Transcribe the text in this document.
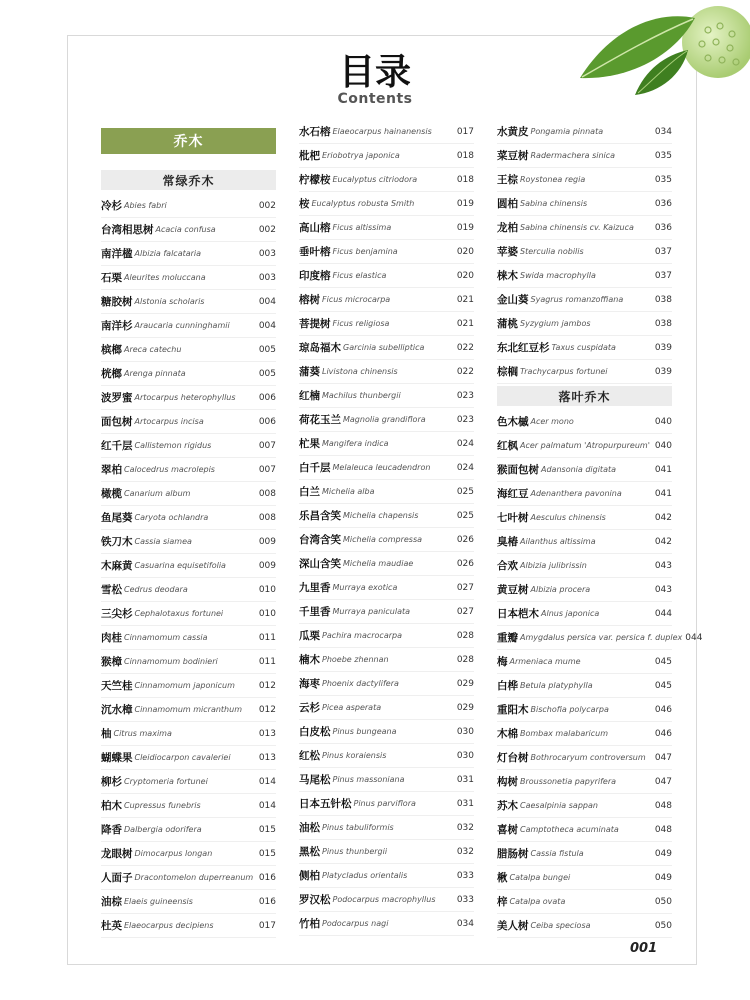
目录
Contents
乔木
常绿乔木
冷杉 Abies fabri	002
台湾相思树 Acacia confusa	002
南洋楹 Albizia falcataria	003
石栗 Aleurites moluccana	003
糖胶树 Alstonia scholaris	004
南洋杉 Araucaria cunninghamii	004
槟榔 Areca catechu	005
桄榔 Arenga pinnata	005
波罗蜜 Artocarpus heterophyllus	006
面包树 Artocarpus incisa	006
红千层 Callistemon rigidus	007
翠柏 Calocedrus macrolepis	007
橄榄 Canarium album	008
鱼尾葵 Caryota ochlandra	008
铁刀木 Cassia siamea	009
木麻黄 Casuarina equisetifolia	009
雪松 Cedrus deodara	010
三尖杉 Cephalotaxus fortunei	010
肉桂 Cinnamomum cassia	011
猴樟 Cinnamomum bodinieri	011
天竺桂 Cinnamomum japonicum	012
沉水樟 Cinnamomum micranthum	012
柚 Citrus maxima	013
蝴蝶果 Cleidiocarpon cavaleriei	013
柳杉 Cryptomeria fortunei	014
柏木 Cupressus funebris	014
降香 Dalbergia odorifera	015
龙眼树 Dimocarpus longan	015
人面子 Dracontomelon duperreanum 016
油棕 Elaeis guineensis	016
杜英 Elaeocarpus decipiens	017
水石榕 Elaeocarpus hainanensis	017
枇杷 Eriobotrya japonica	018
柠檬桉 Eucalyptus citriodora	018
桉 Eucalyptus robusta Smith	019
高山榕 Ficus altissima	019
垂叶榕 Ficus benjamina	020
印度榕 Ficus elastica	020
榕树 Ficus microcarpa	021
菩提树 Ficus religiosa	021
琼岛福木 Garcinia subelliptica	022
蒲葵 Livistona chinensis	022
红楠 Machilus thunbergii	023
荷花玉兰 Magnolia grandiflora	023
杧果 Mangifera indica	024
白千层 Melaleuca leucadendron	024
白兰 Michelia alba	025
乐昌含笑 Michelia chapensis	025
台湾含笑 Michelia compressa	026
深山含笑 Michelia maudiae	026
九里香 Murraya exotica	027
千里香 Murraya paniculata	027
瓜栗 Pachira macrocarpa	028
楠木 Phoebe zhennan	028
海枣 Phoenix dactylifera	029
云杉 Picea asperata	029
白皮松 Pinus bungeana	030
红松 Pinus koraiensis	030
马尾松 Pinus massoniana	031
日本五针松 Pinus parviflora	031
油松 Pinus tabuliformis	032
黑松 Pinus thunbergii	032
侧柏 Platycladus orientalis	033
罗汉松 Podocarpus macrophyllus	033
竹柏 Podocarpus nagi	034
水黄皮 Pongamia pinnata	034
菜豆树 Radermachera sinica	035
王棕 Roystonea regia	035
圆柏 Sabina chinensis	036
龙柏 Sabina chinensis cv. Kaizuca	036
苹婆 Sterculia nobilis	037
梾木 Swida macrophylla	037
金山葵 Syagrus romanzoffiana	038
蒲桃 Syzygium jambos	038
东北红豆杉 Taxus cuspidata	039
棕榈 Trachycarpus fortunei	039
落叶乔木
色木槭 Acer mono	040
红枫 Acer palmatum 'Atropurpureum' 040
猴面包树 Adansonia digitata	041
海红豆 Adenanthera pavonina	041
七叶树 Aesculus chinensis	042
臭椿 Ailanthus altissima	042
合欢 Albizia julibrissin	043
黄豆树 Albizia procera	043
日本桤木 Alnus japonica	044
重瓣 Amygdalus persica var. persica f. duplex 044
梅 Armeniaca mume	045
白桦 Betula platyphylla	045
重阳木 Bischofia polycarpa	046
木棉 Bombax malabaricum	046
灯台树 Bothrocaryum controversum	047
构树 Broussonetia papyrifera	047
苏木 Caesalpinia sappan	048
喜树 Camptotheca acuminata	048
腊肠树 Cassia fistula	049
楸 Catalpa bungei	049
梓 Catalpa ovata	050
美人树 Ceiba speciosa	050
001
